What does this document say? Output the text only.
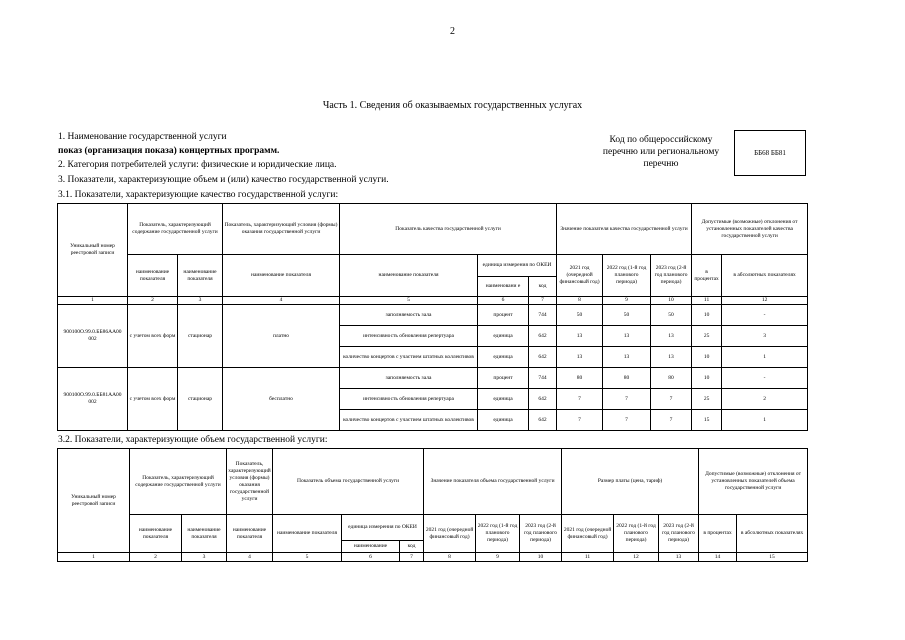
2
Часть 1. Сведения об оказываемых государственных услугах
1. Наименование государственной услуги
показ (организация показа) концертных программ.
2. Категория потребителей услуги: физические и юридические лица.
3. Показатели, характеризующие объем и (или) качество государственной услуги.
3.1. Показатели, характеризующие качество государственной услуги:
Код по общероссийскому перечню или региональному перечню
ББ68 ББ81
Уникальный номер реестровой записи	Показатель, характеризующий содержание государственной услуги		Показатель, характеризующий условия (формы) оказания государственной услуги	Показатель качества государственной услуги			Значение показателя качества государственной услуги			Допустимые (возможные) отклонения от установленных показателей качества государственной услуги	
	наименование показателя	наименование показателя	наименование показателя	наименование показателя	единица измерения по ОКЕИ		2021 год (очередной финансовый год)	2022 год (1-й год планового периода)	2023 год (2-й год планового периода)	в процентах	в абсолютных показателях
					наименовани е	код					
1	2	3	4	5	6	7	8	9	10	11	12
900100О.99.0.ББ86АА00 002	с учетом всех форм	стационар	платно	заполняемость зала	процент	744	50	50	50	10	-
				интенсивность обновления репертуара	единица	642	13	13	13	25	3
				количество концертов с участием штатных коллективов	единица	642	13	13	13	10	1
900100О.99.0.ББ81АА00 002	с учетом всех форм	стационар	бесплатно	заполняемость зала	процент	744	80	80	80	10	-
				интенсивность обновления репертуара	единица	642	7	7	7	25	2
				количество концертов с участием штатных коллективов	единица	642	7	7	7	15	1
3.2. Показатели, характеризующие объем государственной услуги:
Уникальный номер реестровой записи	Показатель, характеризующий содержание государственной услуги		Показатель, характеризующий условия (формы) оказания государственной услуги	Показатель объема государственной услуги			Значение показателя объема государственной услуги			Размер платы (цена, тариф)			Допустимые (возможные) отклонения от установленных показателей объема государственной услуги	
	наименование показателя	наименование показателя	наименование показателя	наименование показателя	единица измерения по ОКЕИ		2021 год (очередной финансовый год)	2022 год (1-й год планового периода)	2023 год (2-й год планового периода)	2021 год (очередной финансовый год)	2022 год (1-й год планового периода)	2023 год (2-й год планового периода)	в процентах	в абсолютных показателях
					наименование	код								
1	2	3	4	5	6	7	8	9	10	11	12	13	14	15
